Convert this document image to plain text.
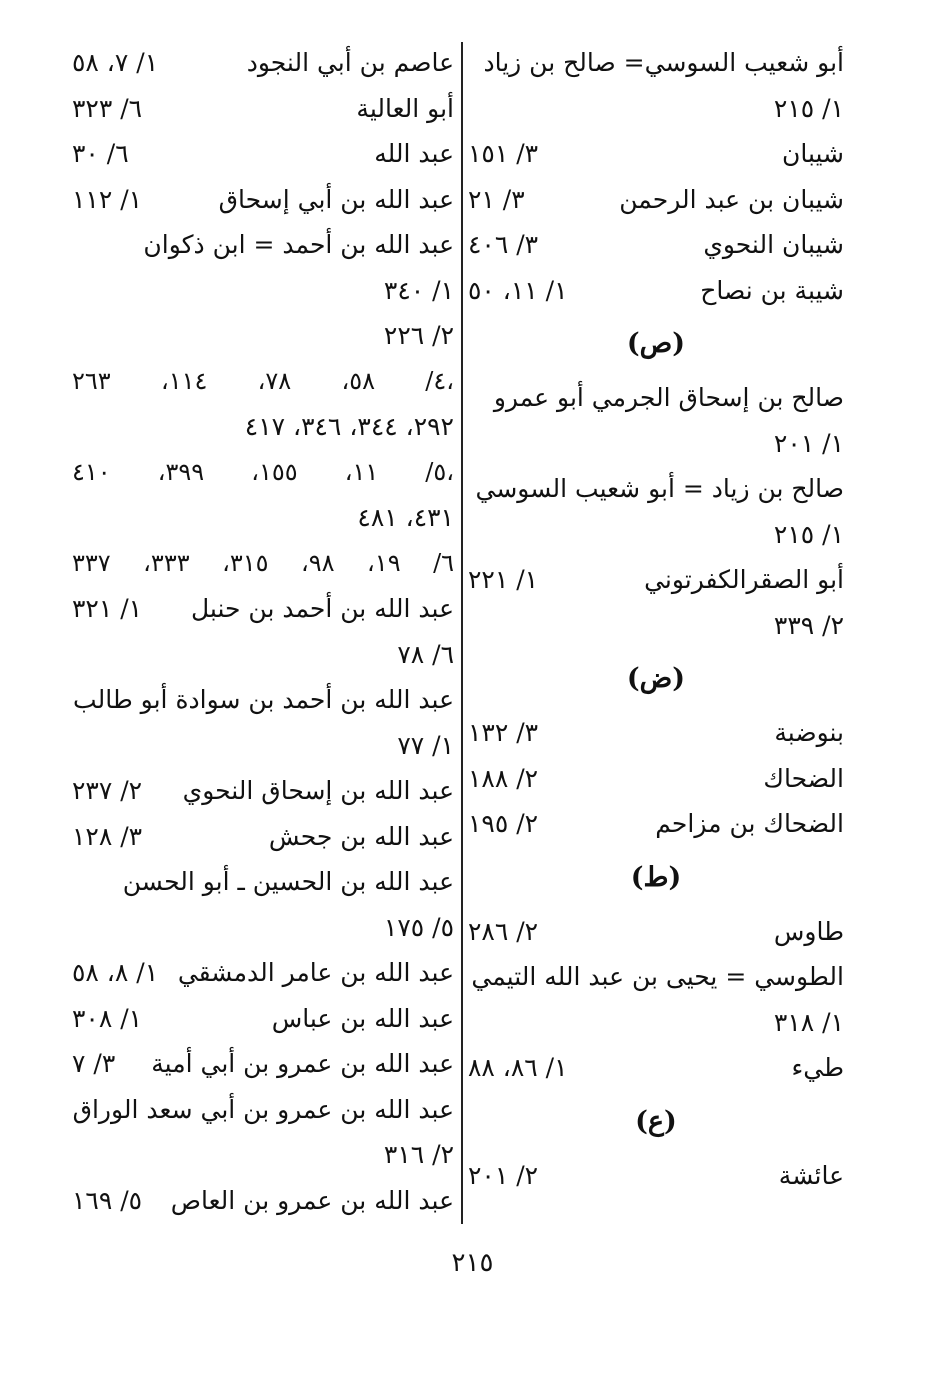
أبو شعيب السوسي= صالح بن زياد
١/ ٢١٥
شيبان
٣/ ١٥١
شيبان بن عبد الرحمن
٣/ ٢١
شيبان النحوي
٣/ ٤٠٦
شيبة بن نصاح
١/ ١١، ٥٠
(ص)
صالح بن إسحاق الجرمي أبو عمرو
١/ ٢٠١
صالح بن زياد = أبو شعيب السوسي
١/ ٢١٥
أبو الصقرالكفرتوني
١/ ٢٢١
٢/ ٣٣٩
(ض)
بنوضبة
٣/ ١٣٢
الضحاك
٢/ ١٨٨
الضحاك بن مزاحم
٢/ ١٩٥
(ط)
طاوس
٢/ ٢٨٦
الطوسي = يحيى بن عبد الله التيمي
١/ ٣١٨
طيء
١/ ٨٦، ٨٨
(ع)
عائشة
٢/ ٢٠١
عاصم بن أبي النجود
١/ ٧، ٥٨
أبو العالية
٦/ ٣٢٣
عبد الله
٦/ ٣٠
عبد الله بن أبي إسحاق
١/ ١١٢
عبد الله بن أحمد = ابن ذكوان
١/ ٣٤٠
٢/ ٢٢٦
٤/ ٥٨، ٧٨، ١١٤، ٢٦٣،
٢٩٢، ٣٤٤، ٣٤٦، ٤١٧
٥/ ١١، ١٥٥، ٣٩٩، ٤١٠،
٤٣١، ٤٨١
٦/ ١٩، ٩٨، ٣١٥، ٣٣٣، ٣٣٧
عبد الله بن أحمد بن حنبل
١/ ٣٢١
٦/ ٧٨
عبد الله بن أحمد بن سوادة أبو طالب
١/ ٧٧
عبد الله بن إسحاق النحوي
٢/ ٢٣٧
عبد الله بن جحش
٣/ ١٢٨
عبد الله بن الحسين ـ أبو الحسن
٥/ ١٧٥
عبد الله بن عامر الدمشقي
١/ ٨، ٥٨
عبد الله بن عباس
١/ ٣٠٨
عبد الله بن عمرو بن أبي أمية
٣/ ٧
عبد الله بن عمرو بن أبي سعد الوراق
٢/ ٣١٦
عبد الله بن عمرو بن العاص
٥/ ١٦٩
٢١٥
